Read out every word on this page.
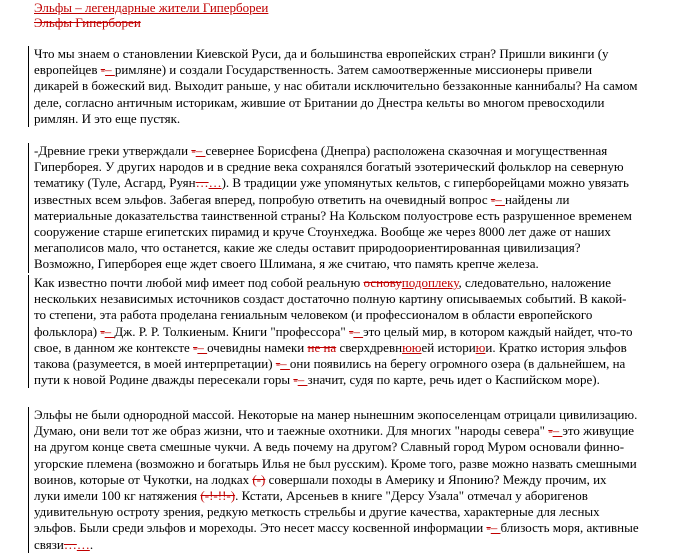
Эльфы – легендарные жители Гипербореи
Эльфы Гипербореи
Что мы знаем о становлении Киевской Руси, да и большинства европейских стран? Пришли викинги (у
европейцев -– римляне) и создали Государственность. Затем самоотверженные миссионеры привели
дикарей в божеский вид. Выходит раньше, у нас обитали исключительно беззаконные каннибалы? На самом
деле, согласно античным историкам, жившие от Британии до Днестра кельты во многом превосходили
римлян. И это еще пустяк.
-Древние греки утверждали -– севернее Борисфена (Днепра) расположена сказочная и могущественная
Гиперборея. У других народов и в средние века сохранялся богатый эзотерический фольклор на северную
тематику (Туле, Асгард, Руян……). В традиции уже упомянутых кельтов, с гиперборейцами можно увязать
известных всем эльфов. Забегая вперед, попробую ответить на очевидный вопрос -– найдены ли
материальные доказательства таинственной страны? На Кольском полуострове есть разрушенное временем
сооружение старше египетских пирамид и круче Стоунхеджа. Вообще же через 8000 лет даже от наших
мегаполисов мало, что останется, какие же следы оставит природоориентированная цивилизация?
Возможно, Гиперборея еще ждет своего Шлимана, я же считаю, что память крепче железа.
Как известно почти любой миф имеет под собой реальную основуподоплеку, следовательно, наложение
нескольких независимых источников создаст достаточно полную картину описываемых событий. В какой-
то степени, эта работа проделана гениальным человеком (и профессионалом в области европейского
фольклора) -– Дж. Р. Р. Толкиеным. Книги "профессора" -– это целый мир, в котором каждый найдет, что-то
свое, в данном же контексте -– очевидны намеки не на сверхдревнююей историюи. Кратко история эльфов
такова (разумеется, в моей интерпретации) -– они появились на берегу огромного озера (в дальнейшем, на
пути к новой Родине дважды пересекали горы -– значит, судя по карте, речь идет о Каспийском море).
Эльфы не были однородной массой. Некоторые на манер нынешним экопоселенцам отрицали цивилизацию.
Думаю, они вели тот же образ жизни, что и таежные охотники. Для многих "народы севера" -– это живущие
на другом конце света смешные чукчи. А ведь почему на другом? Славный город Муром основали финно-
угорские племена (возможно и богатырь Илья не был русским). Кроме того, разве можно назвать смешными
воинов, которые от Чукотки, на лодках (-) совершали походы в Америку и Японию? Между прочим, их
луки имели 100 кг натяжения (-!-!!-). Кстати, Арсеньев в книге "Дерсу Узала" отмечал у аборигенов
удивительную остроту зрения, редкую меткость стрельбы и другие качества, характерные для лесных
эльфов. Были среди эльфов и мореходы. Это несет массу косвенной информации -– близость моря, активные
связи…….
